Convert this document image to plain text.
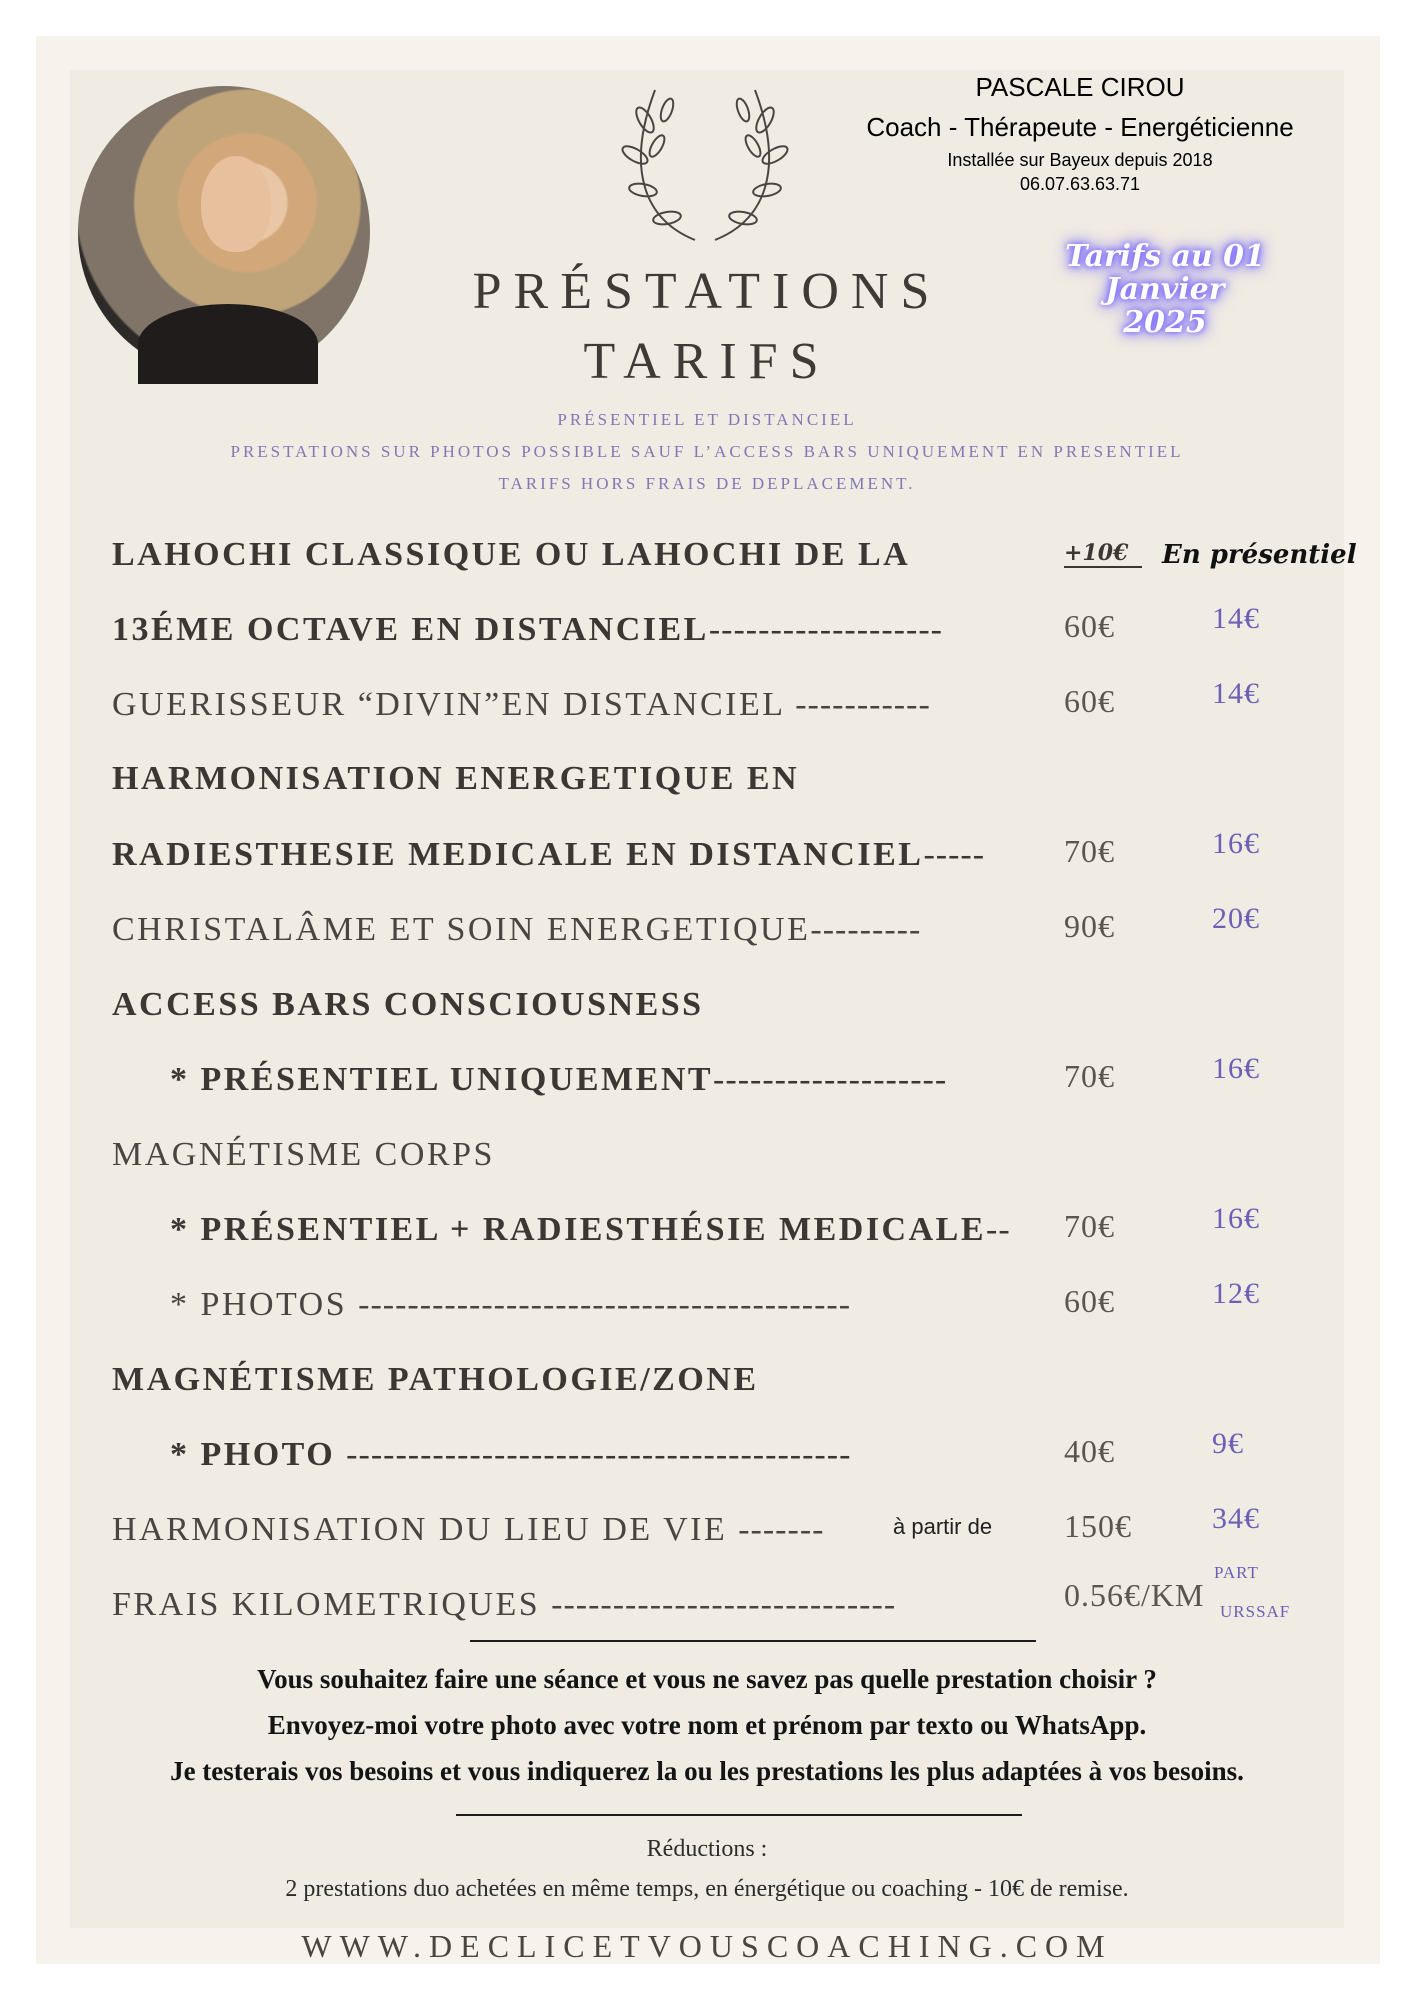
PASCALE CIROU
Coach - Thérapeute - Energéticienne
Installée sur Bayeux depuis 2018
06.07.63.63.71
Tarifs au 01
Janvier
2025
PRÉSTATIONS
TARIFS
PRÉSENTIEL ET DISTANCIEL
PRESTATIONS SUR PHOTOS POSSIBLE SAUF L’ACCESS BARS UNIQUEMENT EN PRESENTIEL
TARIFS HORS FRAIS DE DEPLACEMENT.
+10€	En présentiel
LAHOCHI CLASSIQUE OU LAHOCHI DE LA
13ÉME OCTAVE EN DISTANCIEL-------------------	60€	14€
GUERISSEUR “DIVIN”EN DISTANCIEL -----------	60€	14€
HARMONISATION ENERGETIQUE EN
RADIESTHESIE MEDICALE EN DISTANCIEL----- 70€	16€
CHRISTALÂME ET SOIN ENERGETIQUE---------	90€	20€
ACCESS BARS CONSCIOUSNESS
* PRÉSENTIEL UNIQUEMENT-------------------	70€	16€
MAGNÉTISME CORPS
* PRÉSENTIEL + RADIESTHÉSIE MEDICALE-- 70€	16€
* PHOTOS ----------------------------------------	60€	12€
MAGNÉTISME PATHOLOGIE/ZONE
* PHOTO -----------------------------------------	40€	9€
HARMONISATION DU LIEU DE VIE -------	à partir de 150€	34€
FRAIS KILOMETRIQUES ----------------------------	0.56€/KM
PART
URSSAF
Vous souhaitez faire une séance et vous ne savez pas quelle prestation choisir ?
Envoyez-moi votre photo avec votre nom et prénom par texto ou WhatsApp.
Je testerais vos besoins et vous indiquerez la ou les prestations les plus adaptées à vos besoins.
Réductions :
2 prestations duo achetées en même temps, en énergétique ou coaching - 10€ de remise.
WWW.DECLICETVOUSCOACHING.COM
